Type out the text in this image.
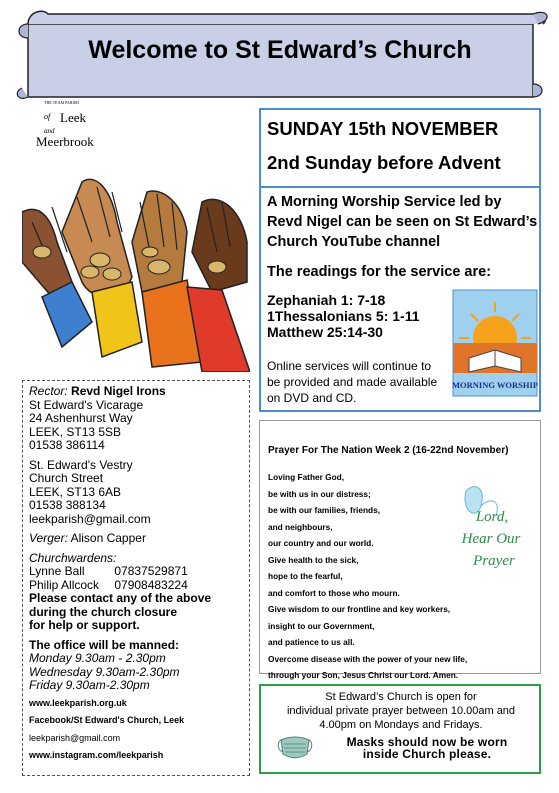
Welcome to St Edward’s Church
THE TEAM PARISH
of Leek
and
Meerbrook
SUNDAY 15th NOVEMBER
2nd Sunday before Advent
A Morning Worship Service led by Revd Nigel can be seen on St Edward’s Church YouTube channel
The readings for the service are:
Zephaniah 1: 7-18
1Thessalonians 5: 1-11
Matthew 25:14-30
Online services will continue to be provided and made available on DVD and CD.
MORNING WORSHIP
Rector: Revd Nigel Irons
St Edward's Vicarage
24 Ashenhurst Way
LEEK, ST13 5SB
01538 386114
St. Edward's Vestry
Church Street
LEEK, ST13 6AB
01538 388134
leekparish@gmail.com
Verger: Alison Capper
Churchwardens:
Lynne Ball 07837529871
Philip Allcock 07908483224
Please contact any of the above
during the church closure
for help or support.
The office will be manned:
Monday 9.30am - 2.30pm
Wednesday 9.30am-2.30pm
Friday 9.30am-2.30pm
www.leekparish.org.uk
Facebook/St Edward's Church, Leek
leekparish@gmail.com
www.instagram.com/leekparish
Prayer For The Nation Week 2 (16-22nd November)
Loving Father God,
be with us in our distress;
be with our families, friends,
and neighbours,
our country and our world.
Give health to the sick,
hope to the fearful,
and comfort to those who mourn.
Give wisdom to our frontline and key workers,
insight to our Government,
and patience to us all.
Overcome disease with the power of your new life,
through your Son, Jesus Christ our Lord. Amen.
Lord,
Hear Our
Prayer
St Edward’s Church is open for
individual private prayer between 10.00am and
4.00pm on Mondays and Fridays.
Masks should now be worn
inside Church please.
